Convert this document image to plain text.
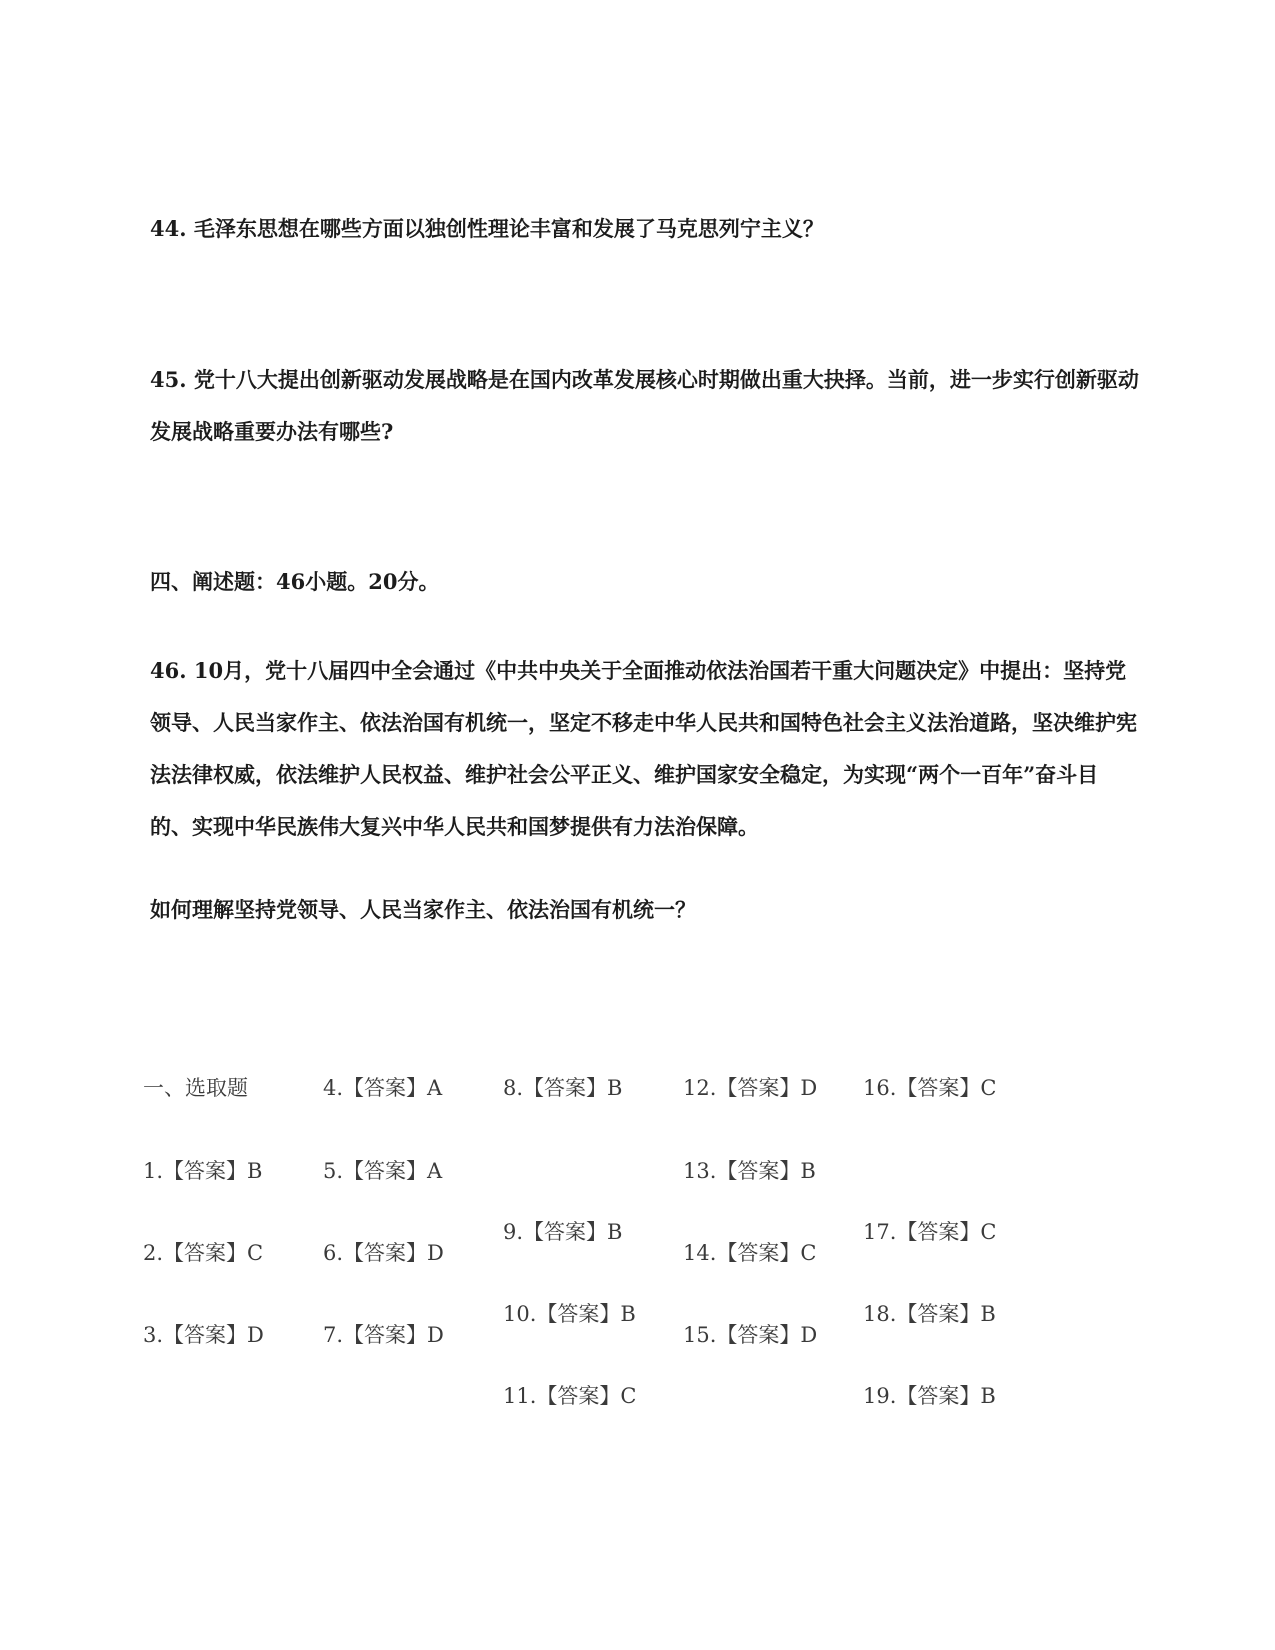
44. 毛泽东思想在哪些方面以独创性理论丰富和发展了马克思列宁主义？

45. 党十八大提出创新驱动发展战略是在国内改革发展核心时期做出重大抉择。当前，进一步实行创新驱动发展战略重要办法有哪些?

四、阐述题：46小题。20分。

46. 10月，党十八届四中全会通过《中共中央关于全面推动依法治国若干重大问题决定》中提出：坚持党领导、人民当家作主、依法治国有机统一，坚定不移走中华人民共和国特色社会主义法治道路，坚决维护宪法法律权威，依法维护人民权益、维护社会公平正义、维护国家安全稳定，为实现“两个一百年”奋斗目的、实现中华民族伟大复兴中华人民共和国梦提供有力法治保障。

如何理解坚持党领导、人民当家作主、依法治国有机统一？

一、选取题

1.【答案】B

2.【答案】C

3.【答案】D

4.【答案】A

5.【答案】A

6.【答案】D

7.【答案】D

8.【答案】B

9.【答案】B

10.【答案】B

11.【答案】C

12.【答案】D

13.【答案】B

14.【答案】C

15.【答案】D

16.【答案】C

17.【答案】C

18.【答案】B

19.【答案】B
